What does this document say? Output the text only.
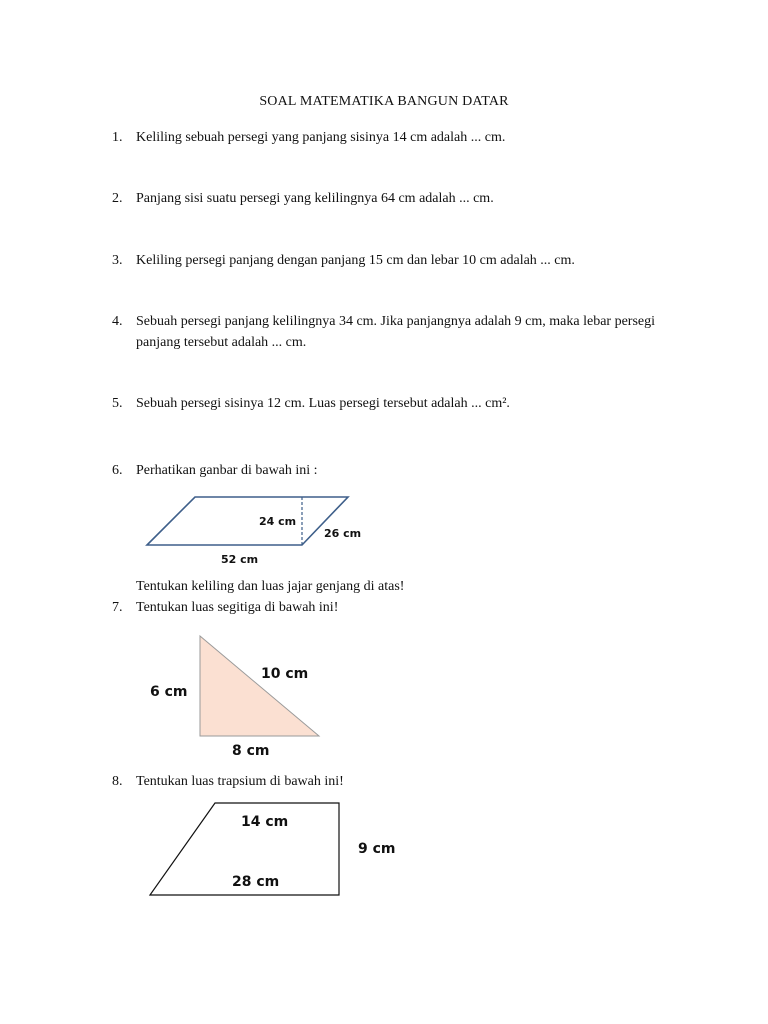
SOAL MATEMATIKA BANGUN DATAR
1. Keliling sebuah persegi yang panjang sisinya 14 cm adalah ... cm.
2. Panjang sisi suatu persegi yang kelilingnya 64 cm adalah ... cm.
3. Keliling persegi panjang dengan panjang 15 cm dan lebar 10 cm adalah ... cm.
4. Sebuah persegi panjang kelilingnya 34 cm. Jika panjangnya adalah 9 cm, maka lebar persegi panjang tersebut adalah ... cm.
5. Sebuah persegi sisinya 12 cm. Luas persegi tersebut adalah ... cm².
6. Perhatikan ganbar di bawah ini :
24 cm
26 cm
52 cm
Tentukan keliling dan luas jajar genjang di atas!
7. Tentukan luas segitiga di bawah ini!
6 cm
10 cm
8 cm
8. Tentukan luas trapsium di bawah ini!
14 cm
9 cm
28 cm
